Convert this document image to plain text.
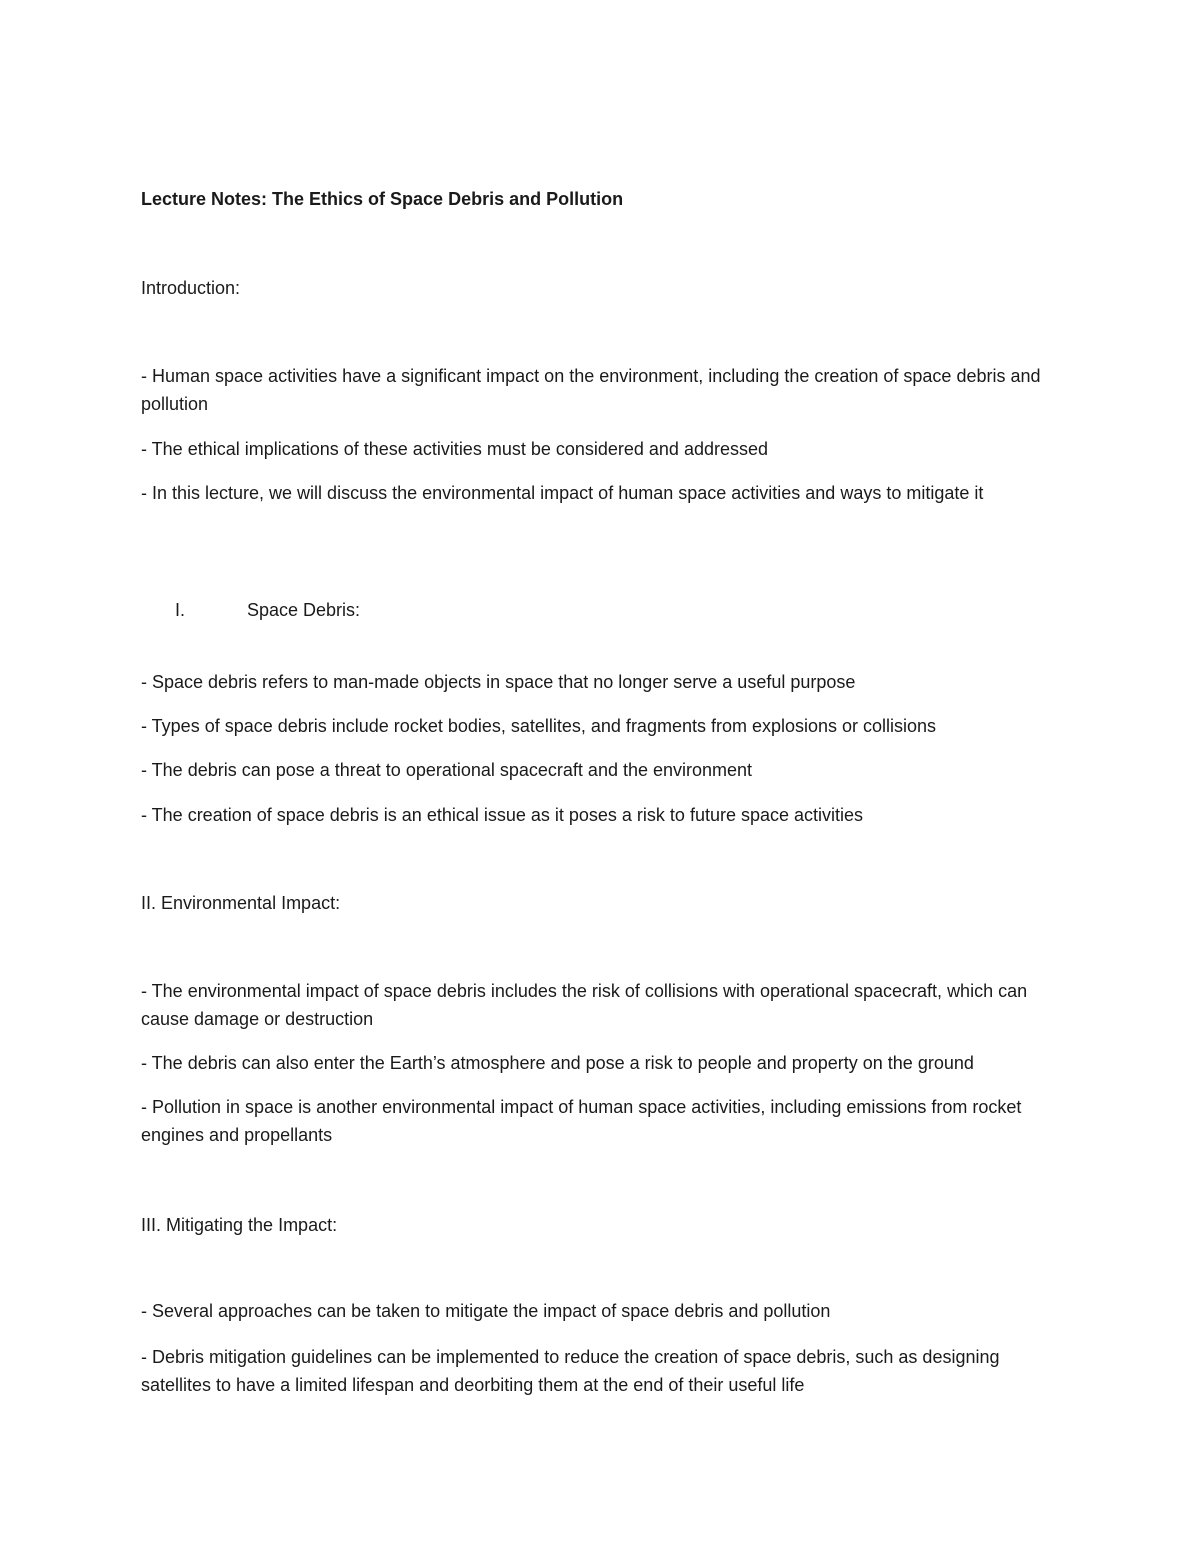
Lecture Notes: The Ethics of Space Debris and Pollution
Introduction:
- Human space activities have a significant impact on the environment, including the creation of space debris and pollution
- The ethical implications of these activities must be considered and addressed
- In this lecture, we will discuss the environmental impact of human space activities and ways to mitigate it
I.	Space Debris:
- Space debris refers to man-made objects in space that no longer serve a useful purpose
- Types of space debris include rocket bodies, satellites, and fragments from explosions or collisions
- The debris can pose a threat to operational spacecraft and the environment
- The creation of space debris is an ethical issue as it poses a risk to future space activities
II. Environmental Impact:
- The environmental impact of space debris includes the risk of collisions with operational spacecraft, which can cause damage or destruction
- The debris can also enter the Earth’s atmosphere and pose a risk to people and property on the ground
- Pollution in space is another environmental impact of human space activities, including emissions from rocket engines and propellants
III. Mitigating the Impact:
- Several approaches can be taken to mitigate the impact of space debris and pollution
- Debris mitigation guidelines can be implemented to reduce the creation of space debris, such as designing satellites to have a limited lifespan and deorbiting them at the end of their useful life
